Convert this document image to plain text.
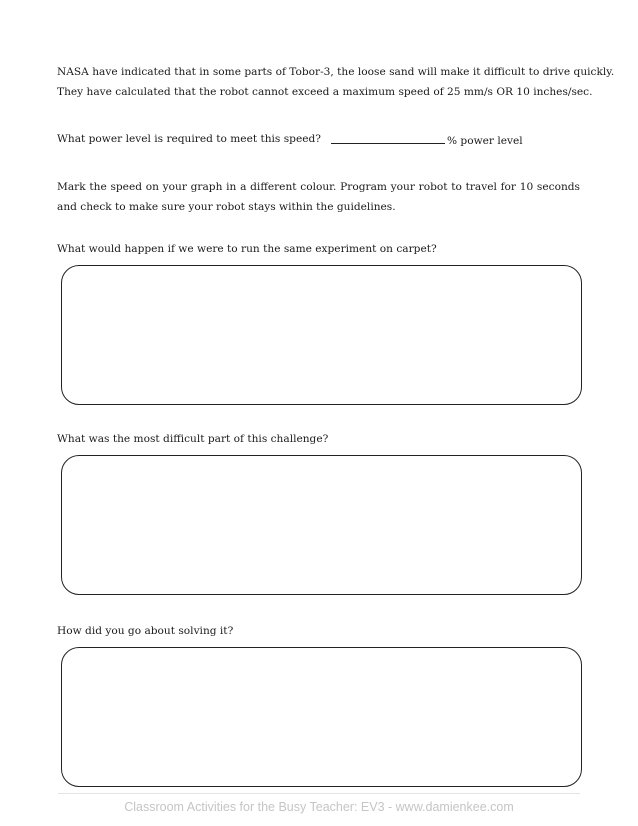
NASA have indicated that in some parts of Tobor-3, the loose sand will make it difficult to drive quickly.
They have calculated that the robot cannot exceed a maximum speed of 25 mm/s OR 10 inches/sec.
What power level is required to meet this speed?	% power level

Mark the speed on your graph in a different colour. Program your robot to travel for 10 seconds and check to make sure your robot stays within the guidelines.

What would happen if we were to run the same experiment on carpet?
What was the most difficult part of this challenge?
How did you go about solving it?
Classroom Activities for the Busy Teacher: EV3 - www.damienkee.com
